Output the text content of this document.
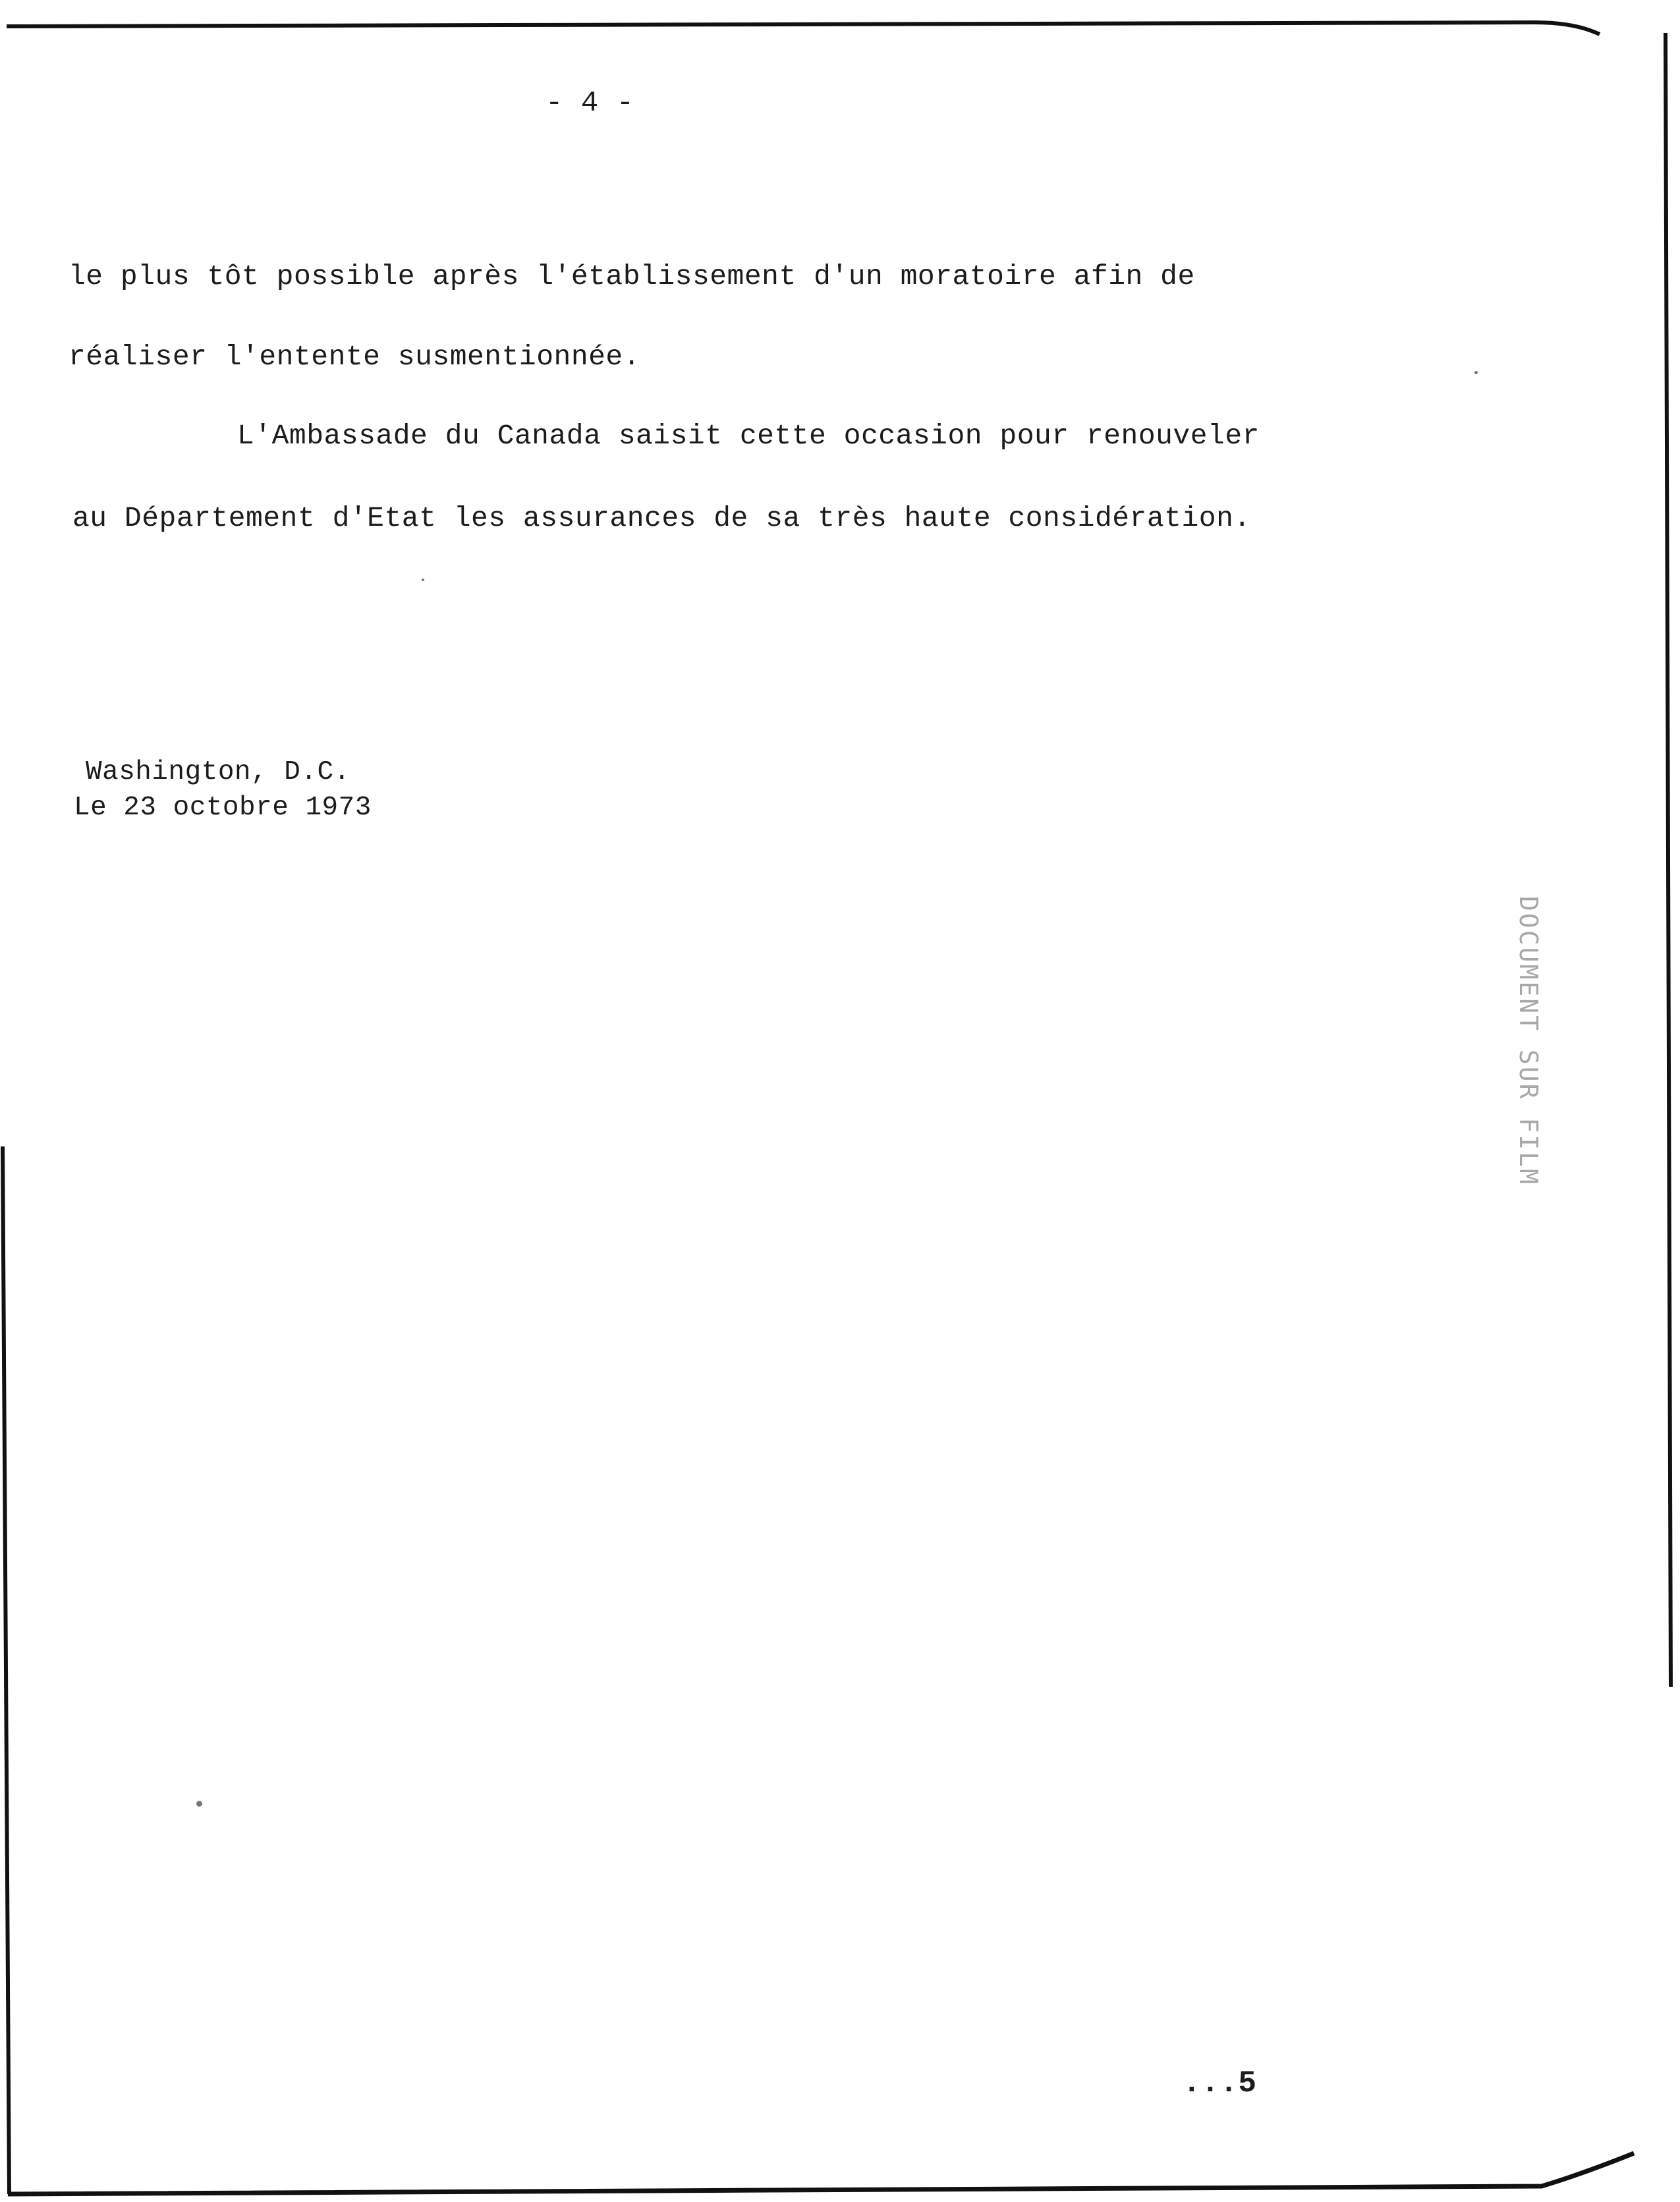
- 4 -
le plus tôt possible après l'établissement d'un moratoire afin de
réaliser l'entente susmentionnée.
L'Ambassade du Canada saisit cette occasion pour renouveler
au Département d'Etat les assurances de sa très haute considération.
Washington, D.C.
Le 23 octobre 1973
DOCUMENT SUR FILM
...5
